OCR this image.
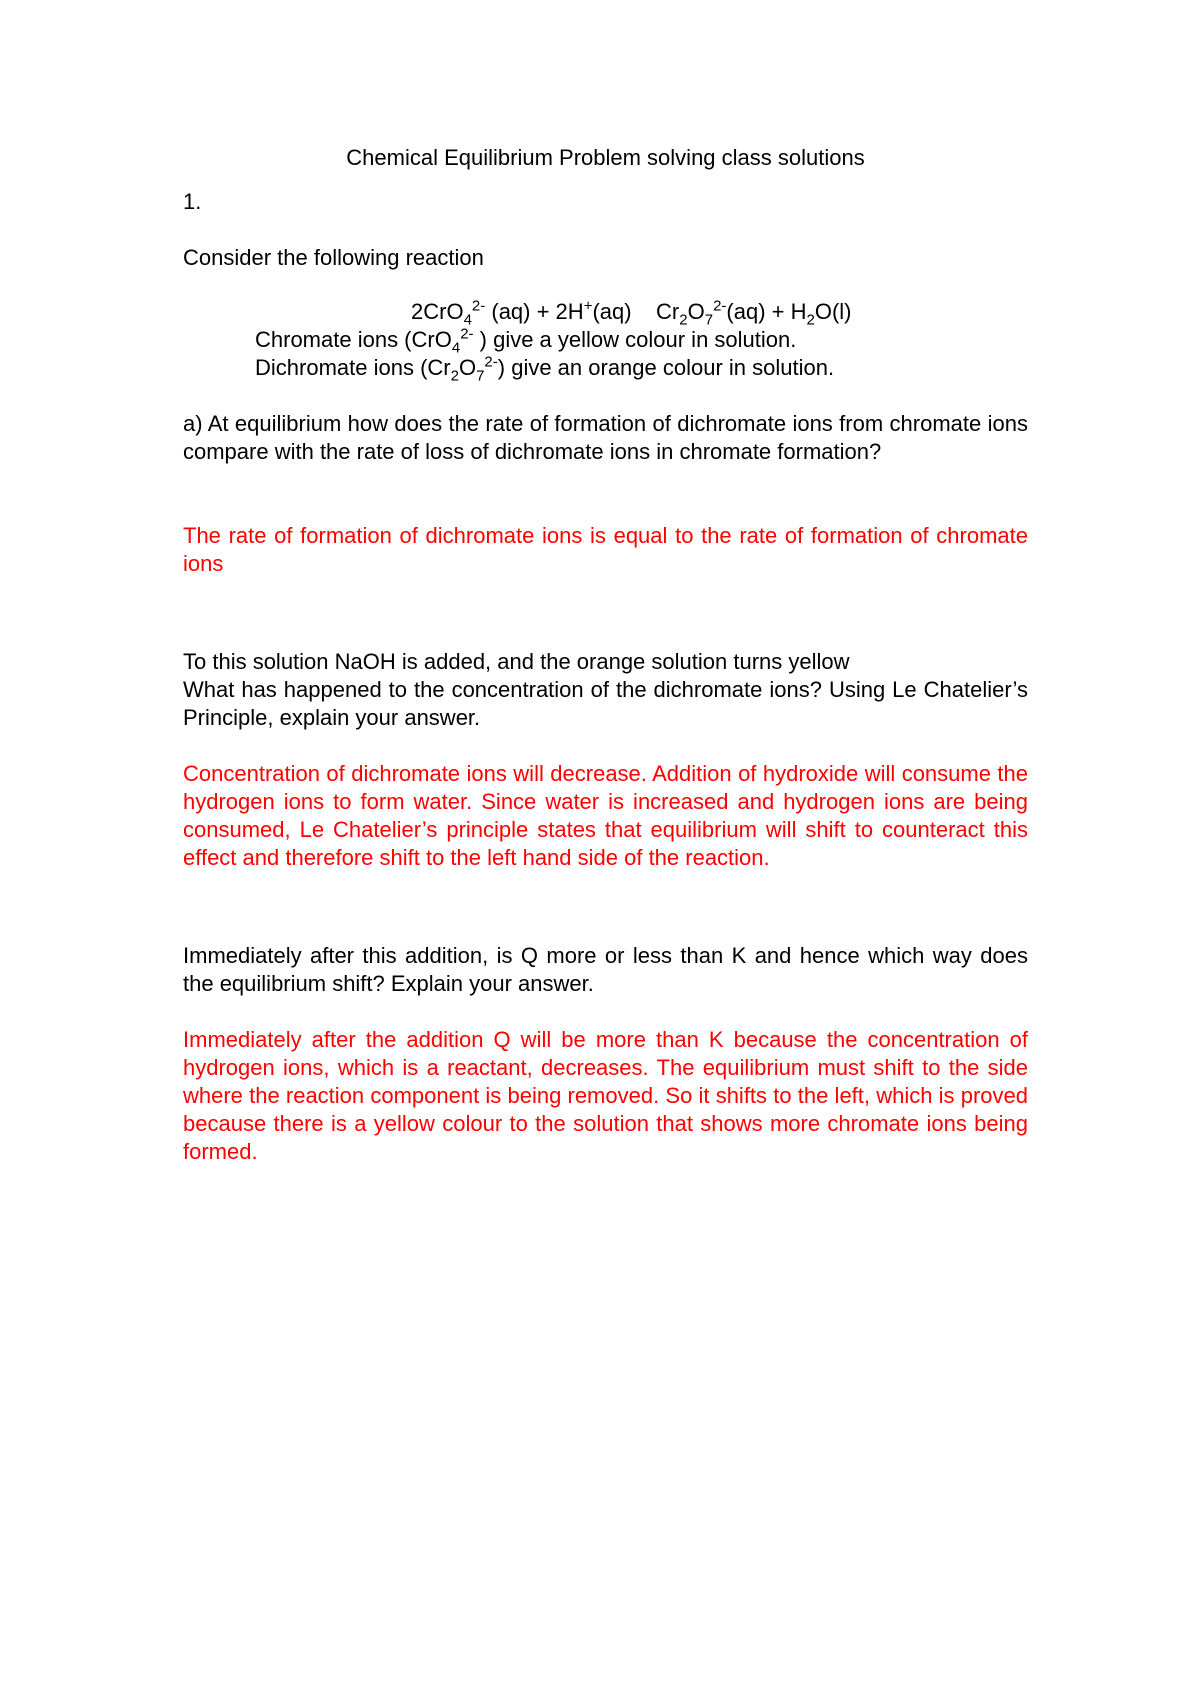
Chemical Equilibrium Problem solving class solutions

1.

Consider the following reaction

2CrO$_4^{2-}$ (aq) + 2H+(aq)    $Cr_2O_7^{2-}(aq) + H_2O(l)$

Chromate ions (CrO$_4^{2-}$ ) give a yellow colour in solution.

Dichromate ions $(Cr_2O_7^{2-})$ give an orange colour in solution.

a) At equilibrium how does the rate of formation of dichromate ions from chromate ions compare with the rate of loss of dichromate ions in chromate formation?

The rate of formation of dichromate ions is equal to the rate of formation of chromate ions

To this solution NaOH is added, and the orange solution turns yellow

What has happened to the concentration of the dichromate ions? Using Le Chatelier’s Principle, explain your answer.

Concentration of dichromate ions will decrease. Addition of hydroxide will consume the hydrogen ions to form water. Since water is increased and hydrogen ions are being consumed, Le Chatelier’s principle states that equilibrium will shift to counteract this effect and therefore shift to the left hand side of the reaction.

Immediately after this addition, is Q more or less than K and hence which way does the equilibrium shift? Explain your answer.

Immediately after the addition Q will be more than K because the concentration of hydrogen ions, which is a reactant, decreases. The equilibrium must shift to the side where the reaction component is being removed. So it shifts to the left, which is proved because there is a yellow colour to the solution that shows more chromate ions being formed.
